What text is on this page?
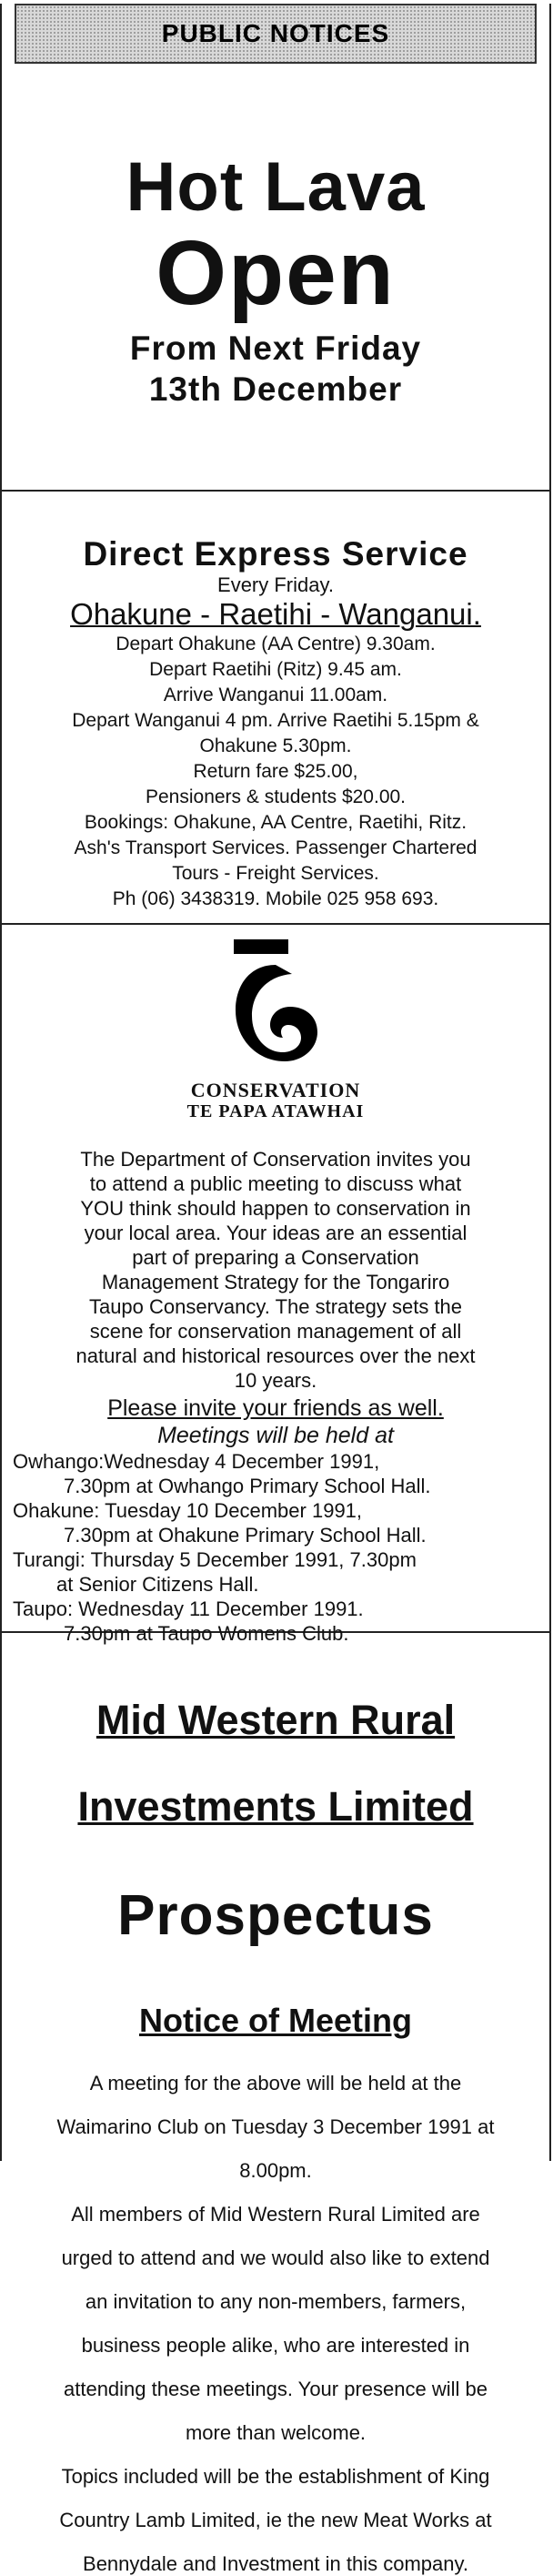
PUBLIC NOTICES

Hot Lava

Open

From Next Friday

13th December

Direct Express Service

Every Friday.

Ohakune - Raetihi - Wanganui.

Depart Ohakune (AA Centre) 9.30am.

Depart Raetihi (Ritz) 9.45 am.

Arrive Wanganui 11.00am.

Depart Wanganui 4 pm. Arrive Raetihi 5.15pm &

Ohakune 5.30pm.

Return fare $25.00,

Pensioners & students $20.00.

Bookings: Ohakune, AA Centre, Raetihi, Ritz.

Ash's Transport Services. Passenger Chartered

Tours - Freight Services.

Ph (06) 3438319. Mobile 025 958 693.

CONSERVATION

TE PAPA ATAWHAI

The Department of Conservation invites you

to attend a public meeting to discuss what

YOU think should happen to conservation in

your local area. Your ideas are an essential

part of preparing a Conservation

Management Strategy for the Tongariro

Taupo Conservancy. The strategy sets the

scene for conservation management of all

natural and historical resources over the next

10 years.

Please invite your friends as well.

Meetings will be held at

Owhango:Wednesday 4 December 1991,

7.30pm at Owhango Primary School Hall.

Ohakune: Tuesday 10 December 1991,

7.30pm at Ohakune Primary School Hall.

Turangi: Thursday 5 December 1991, 7.30pm

at Senior Citizens Hall.

Taupo: Wednesday 11 December 1991.

7.30pm at Taupo Womens Club.

Mid Western Rural

Investments Limited

Prospectus

Notice of Meeting

A meeting for the above will be held at the

Waimarino Club on Tuesday 3 December 1991 at

8.00pm.

All members of Mid Western Rural Limited are

urged to attend and we would also like to extend

an invitation to any non-members, farmers,

business people alike, who are interested in

attending these meetings. Your presence will be

more than welcome.

Topics included will be the establishment of King

Country Lamb Limited, ie the new Meat Works at

Bennydale and Investment in this company.
